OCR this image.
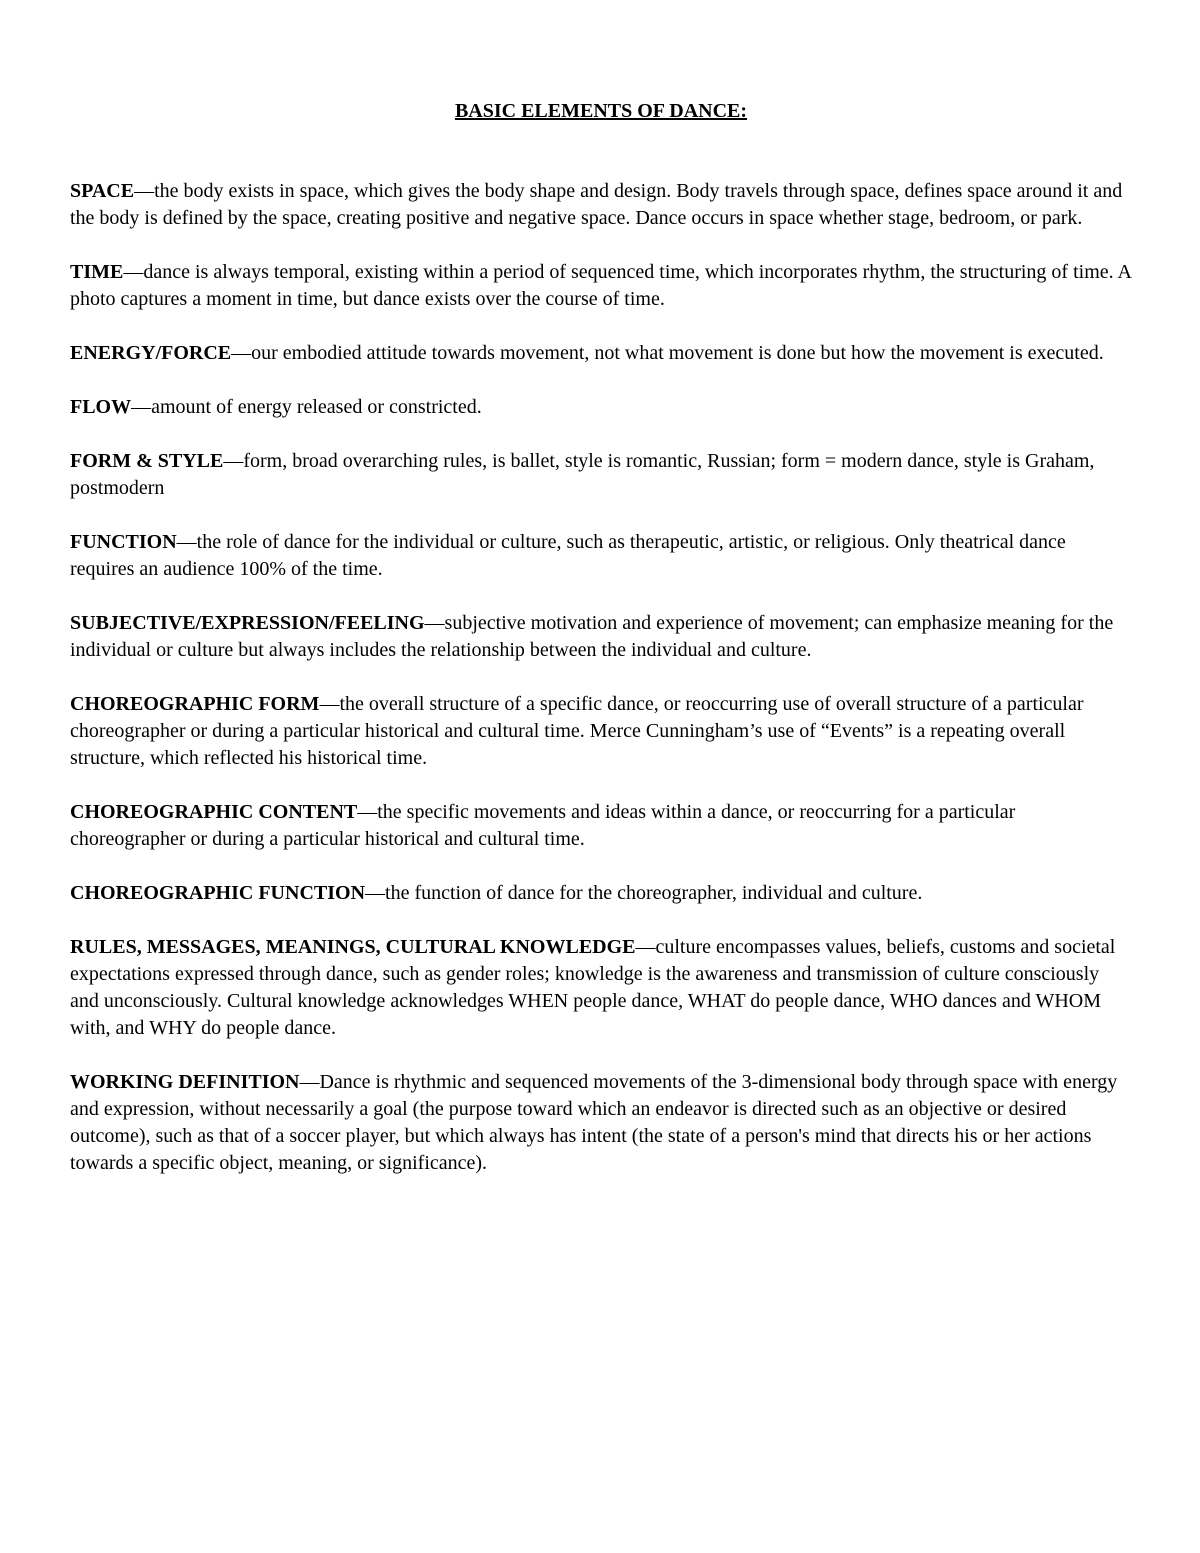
BASIC ELEMENTS OF DANCE:

SPACE—the body exists in space, which gives the body shape and design. Body travels through space, defines space around it and the body is defined by the space, creating positive and negative space. Dance occurs in space whether stage, bedroom, or park.

TIME—dance is always temporal, existing within a period of sequenced time, which incorporates rhythm, the structuring of time. A photo captures a moment in time, but dance exists over the course of time.

ENERGY/FORCE—our embodied attitude towards movement, not what movement is done but how the movement is executed.

FLOW—amount of energy released or constricted.

FORM & STYLE—form, broad overarching rules, is ballet, style is romantic, Russian; form = modern dance, style is Graham, postmodern

FUNCTION—the role of dance for the individual or culture, such as therapeutic, artistic, or religious. Only theatrical dance requires an audience 100% of the time.

SUBJECTIVE/EXPRESSION/FEELING—subjective motivation and experience of movement; can emphasize meaning for the individual or culture but always includes the relationship between the individual and culture.

CHOREOGRAPHIC FORM—the overall structure of a specific dance, or reoccurring use of overall structure of a particular choreographer or during a particular historical and cultural time. Merce Cunningham’s use of “Events” is a repeating overall structure, which reflected his historical time.

CHOREOGRAPHIC CONTENT—the specific movements and ideas within a dance, or reoccurring for a particular choreographer or during a particular historical and cultural time.

CHOREOGRAPHIC FUNCTION—the function of dance for the choreographer, individual and culture.

RULES, MESSAGES, MEANINGS, CULTURAL KNOWLEDGE—culture encompasses values, beliefs, customs and societal expectations expressed through dance, such as gender roles; knowledge is the awareness and transmission of culture consciously and unconsciously. Cultural knowledge acknowledges WHEN people dance, WHAT do people dance, WHO dances and WHOM with, and WHY do people dance.

WORKING DEFINITION—Dance is rhythmic and sequenced movements of the 3-dimensional body through space with energy and expression, without necessarily a goal (the purpose toward which an endeavor is directed such as an objective or desired outcome), such as that of a soccer player, but which always has intent (the state of a person's mind that directs his or her actions towards a specific object, meaning, or significance).
